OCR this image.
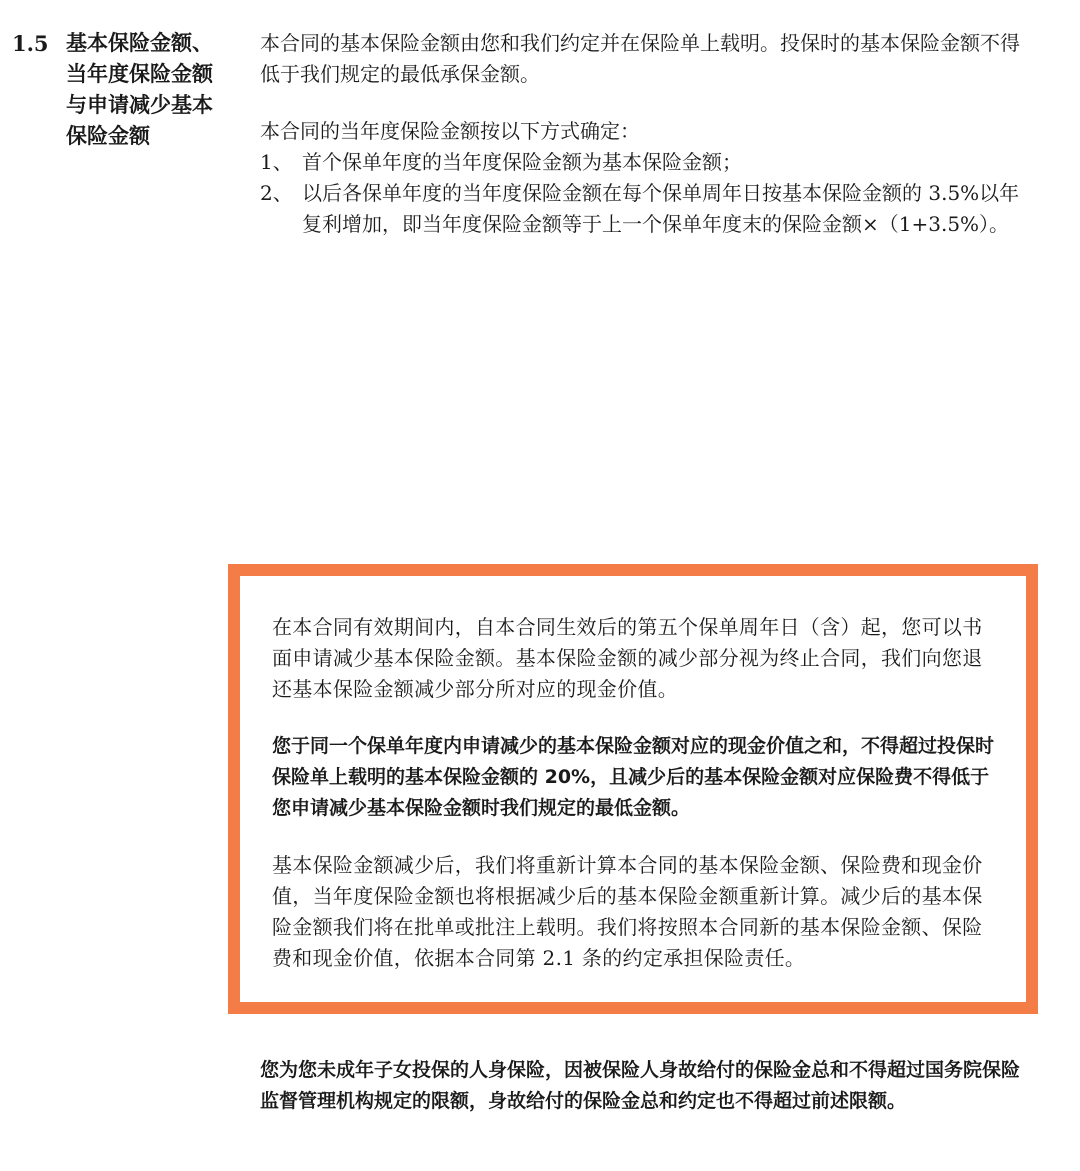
1.5 基本保险金额、
当年度保险金额
与申请减少基本
保险金额

本合同的基本保险金额由您和我们约定并在保险单上载明。投保时的基本保险金额不得低于我们规定的最低承保金额。

本合同的当年度保险金额按以下方式确定：

1、 首个保单年度的当年度保险金额为基本保险金额；
2、 以后各保单年度的当年度保险金额在每个保单周年日按基本保险金额的 3.5%以年复利增加，即当年度保险金额等于上一个保单年度末的保险金额×（1+3.5%）。

在本合同有效期间内，自本合同生效后的第五个保单周年日（含）起，您可以书面申请减少基本保险金额。基本保险金额的减少部分视为终止合同，我们向您退还基本保险金额减少部分所对应的现金价值。

您于同一个保单年度内申请减少的基本保险金额对应的现金价值之和，不得超过投保时保险单上载明的基本保险金额的 20%，且减少后的基本保险金额对应保险费不得低于您申请减少基本保险金额时我们规定的最低金额。

基本保险金额减少后，我们将重新计算本合同的基本保险金额、保险费和现金价值，当年度保险金额也将根据减少后的基本保险金额重新计算。减少后的基本保险金额我们将在批单或批注上载明。我们将按照本合同新的基本保险金额、保险费和现金价值，依据本合同第 2.1 条的约定承担保险责任。

您为您未成年子女投保的人身保险，因被保险人身故给付的保险金总和不得超过国务院保险监督管理机构规定的限额，身故给付的保险金总和约定也不得超过前述限额。
